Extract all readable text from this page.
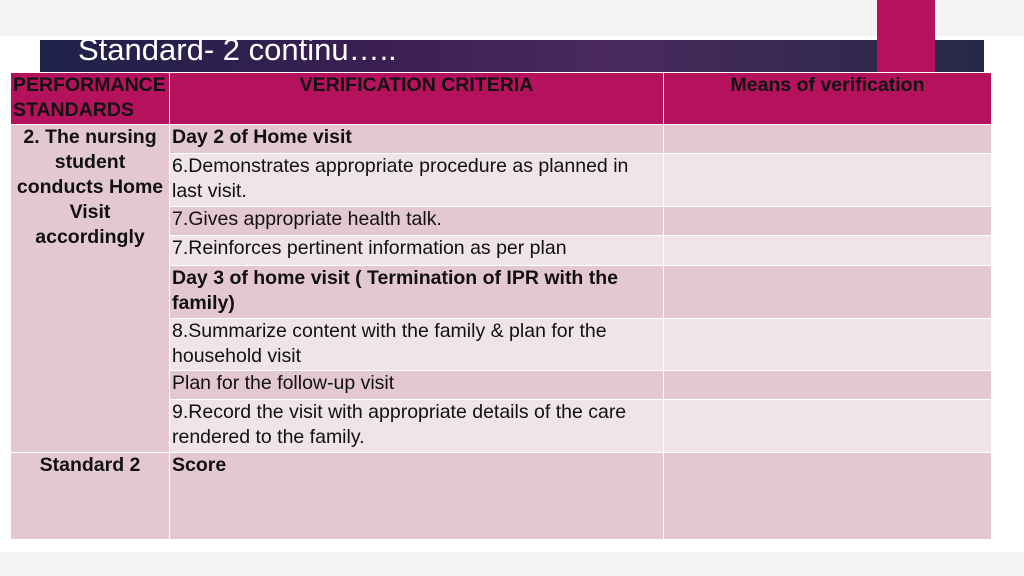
Standard- 2 continu…..
PERFORMANCE STANDARDS	VERIFICATION CRITERIA	Means of verification
2. The nursing student conducts Home Visit accordingly	Day 2 of Home visit	
	6.Demonstrates appropriate procedure as planned in last visit.	
	7.Gives appropriate health talk.	
	7.Reinforces pertinent information as per plan	
	Day 3 of home visit ( Termination of IPR with the family)	
	8.Summarize content with the family & plan for the household visit	
	Plan for the follow-up visit	
	9.Record the visit with appropriate details of the care rendered to the family.	
Standard 2	Score	
